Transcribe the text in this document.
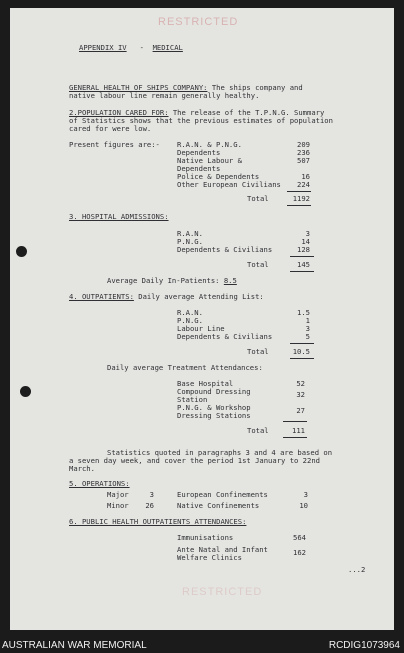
RESTRICTED
APPENDIX IV - MEDICAL
GENERAL HEALTH OF SHIPS COMPANY: The ships company and
native labour line remain generally healthy.
2.POPULATION CARED FOR: The release of the T.P.N.G. Summary
of Statistics shows that the previous estimates of population
cared for were low.
Present figures are:- R.A.N. & P.N.G.	209
Dependents	236
Native Labour &	507
Dependents
Police & Dependents	16
Other European Civilians	224
Total	1192
3. HOSPITAL ADMISSIONS:
R.A.N.	3
P.N.G.	14
Dependents & Civilians	128
Total	145
Average Daily In-Patients: 8.5
4. OUTPATIENTS: Daily average Attending List:
R.A.N.	1.5
P.N.G.	1
Labour Line	3
Dependents & Civilians	5
Total	10.5
Daily average Treatment Attendances:
Base Hospital	52
Compound Dressing	32
Station
P.N.G. & Workshop	27
Dressing Stations
Total	111
Statistics quoted in paragraphs 3 and 4 are based on
a seven day week, and cover the period 1st January to 22nd
March.
5. OPERATIONS:
Major	3	European Confinements	3
Minor	26	Native Confinements	10
6. PUBLIC HEALTH OUTPATIENTS ATTENDANCES:
Immunisations	564
Ante Natal and Infant	162
Welfare Clinics
...2
RESTRICTED
AUSTRALIAN WAR MEMORIAL	RCDIG1073964
